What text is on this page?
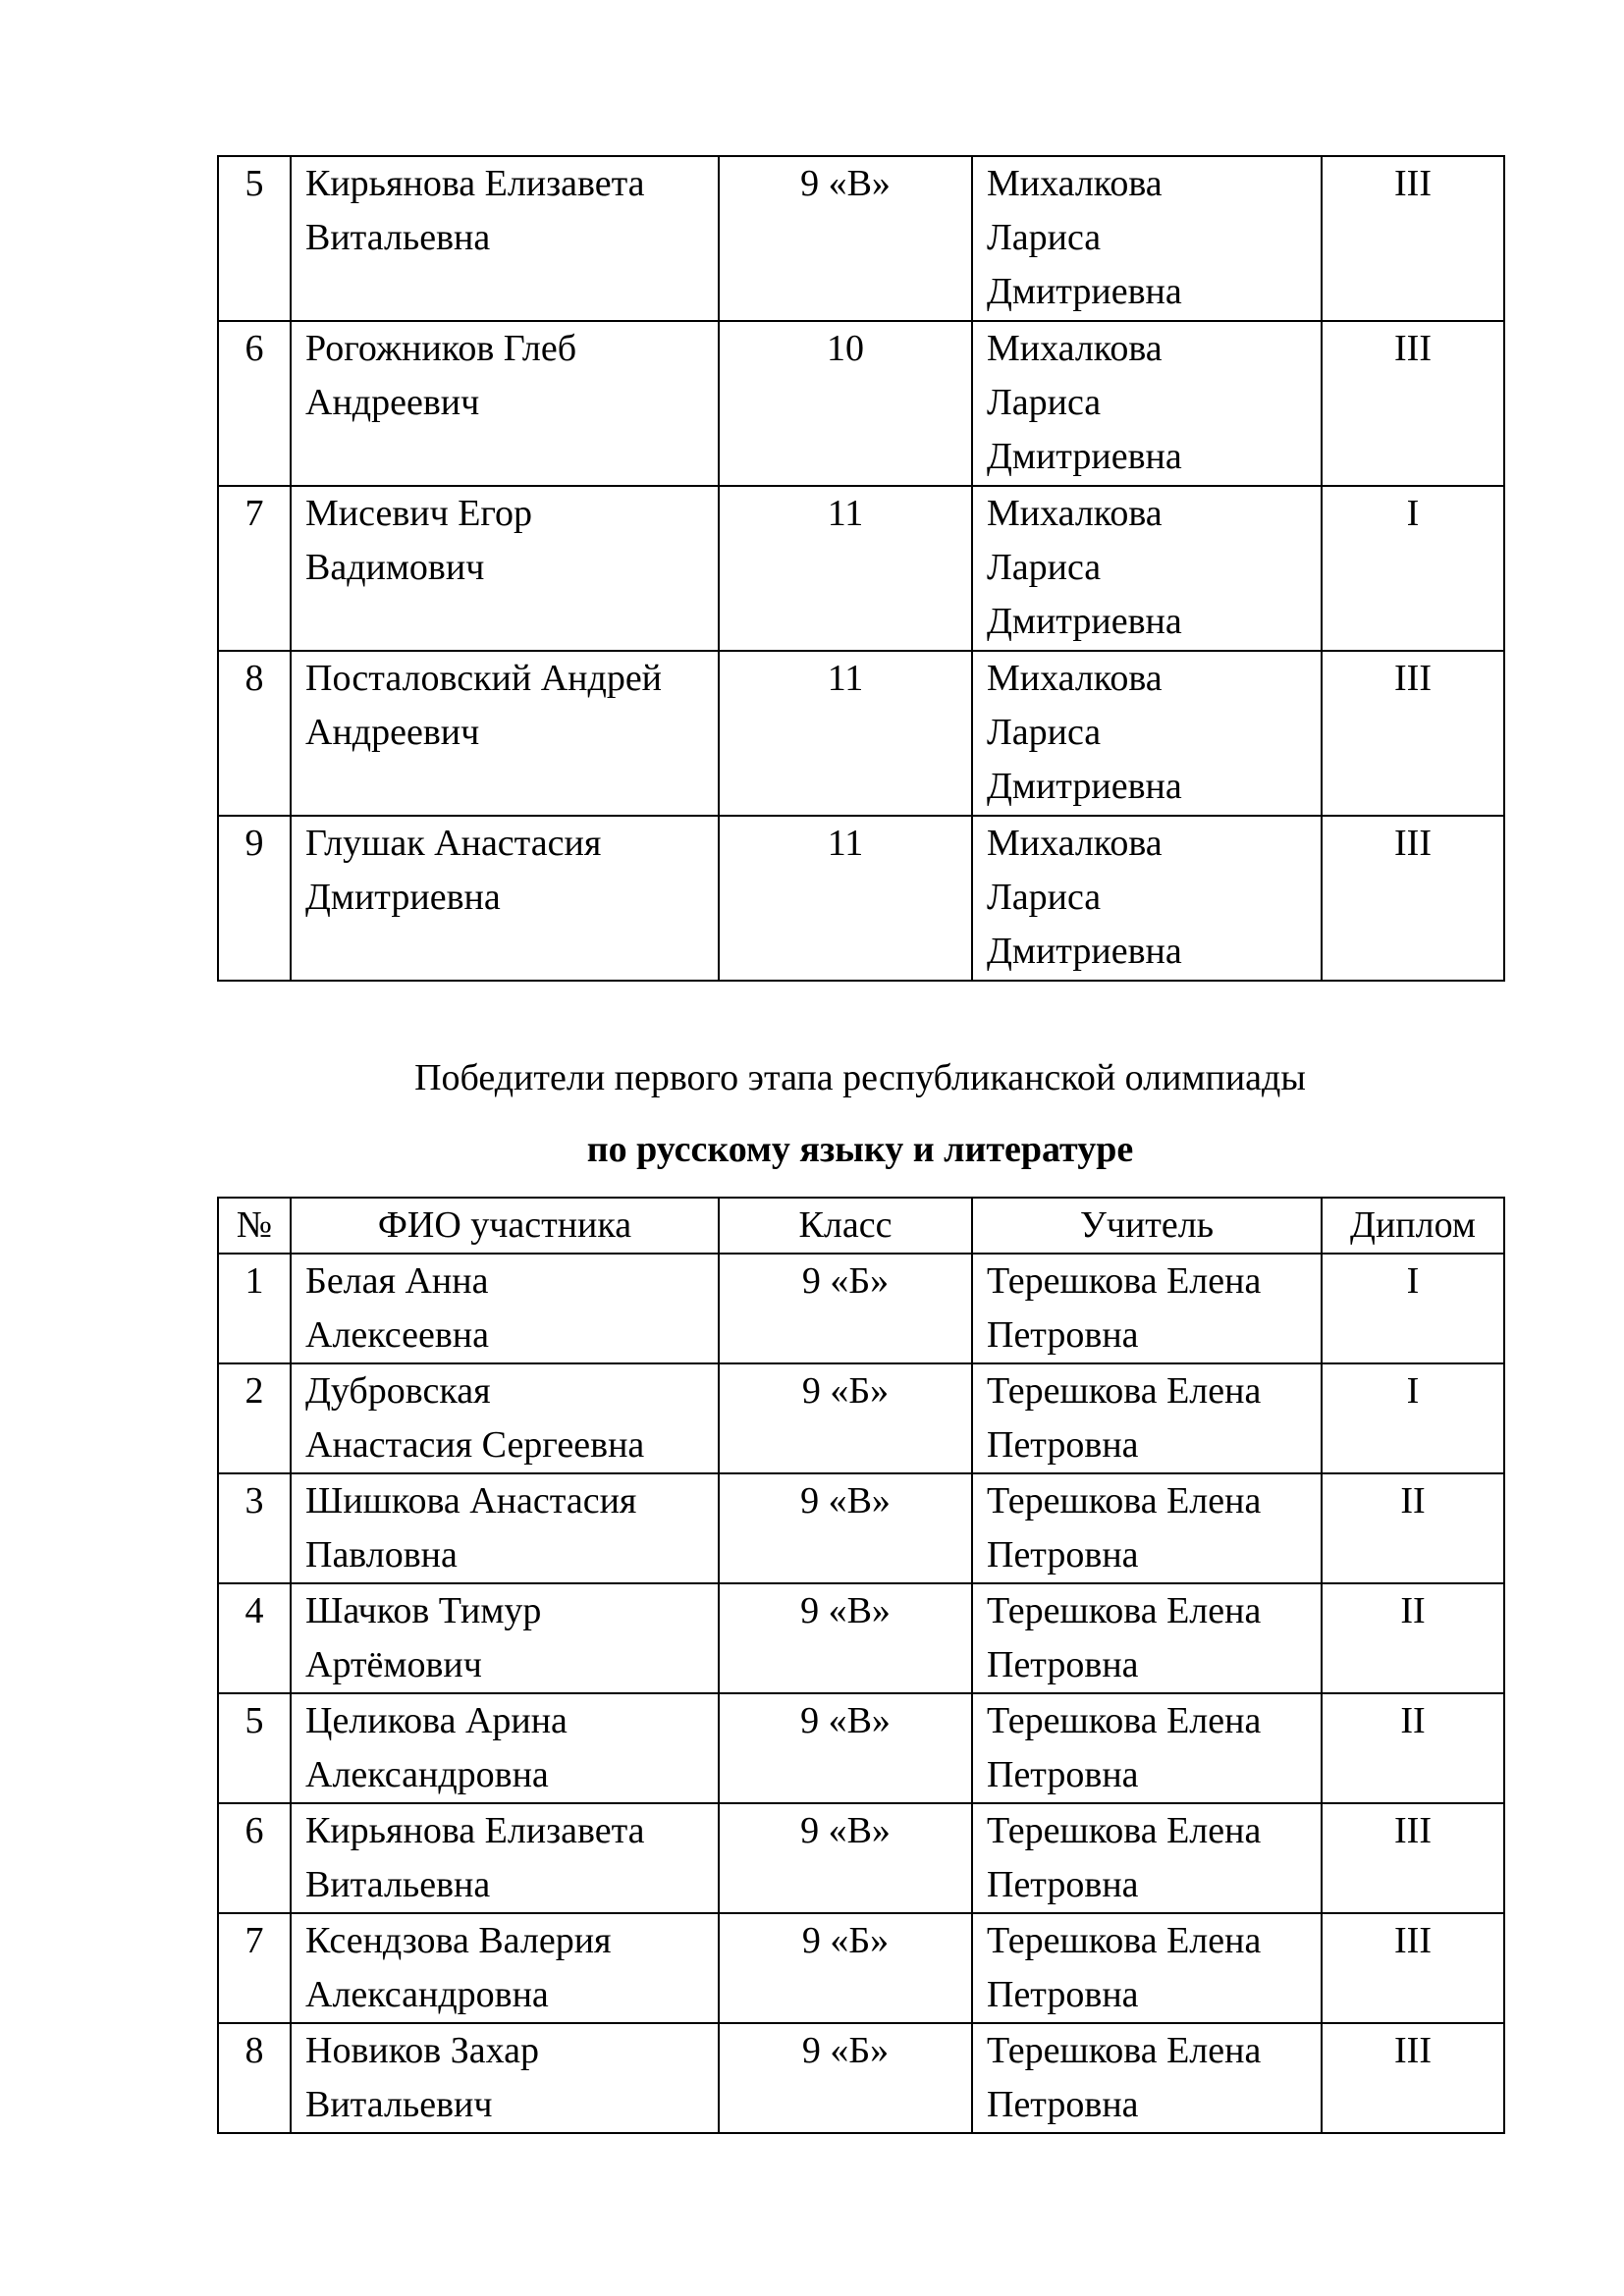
5	Кирьянова Елизавета
Витальевна	9 «В»	Михалкова
Лариса
Дмитриевна	III
6	Рогожников Глеб
Андреевич	10	Михалкова
Лариса
Дмитриевна	III
7	Мисевич Егор
Вадимович	11	Михалкова
Лариса
Дмитриевна	I
8	Посталовский Андрей
Андреевич	11	Михалкова
Лариса
Дмитриевна	III
9	Глушак Анастасия
Дмитриевна	11	Михалкова
Лариса
Дмитриевна	III
Победители первого этапа республиканской олимпиады
по русскому языку и литературе
№	ФИО участника	Класс	Учитель	Диплом
1	Белая Анна
Алексеевна	9 «Б»	Терешкова Елена
Петровна	I
2	Дубровская
Анастасия Сергеевна	9 «Б»	Терешкова Елена
Петровна	I
3	Шишкова Анастасия
Павловна	9 «В»	Терешкова Елена
Петровна	II
4	Шачков Тимур
Артёмович	9 «В»	Терешкова Елена
Петровна	II
5	Целикова Арина
Александровна	9 «В»	Терешкова Елена
Петровна	II
6	Кирьянова Елизавета
Витальевна	9 «В»	Терешкова Елена
Петровна	III
7	Ксендзова Валерия
Александровна	9 «Б»	Терешкова Елена
Петровна	III
8	Новиков Захар
Витальевич	9 «Б»	Терешкова Елена
Петровна	III
